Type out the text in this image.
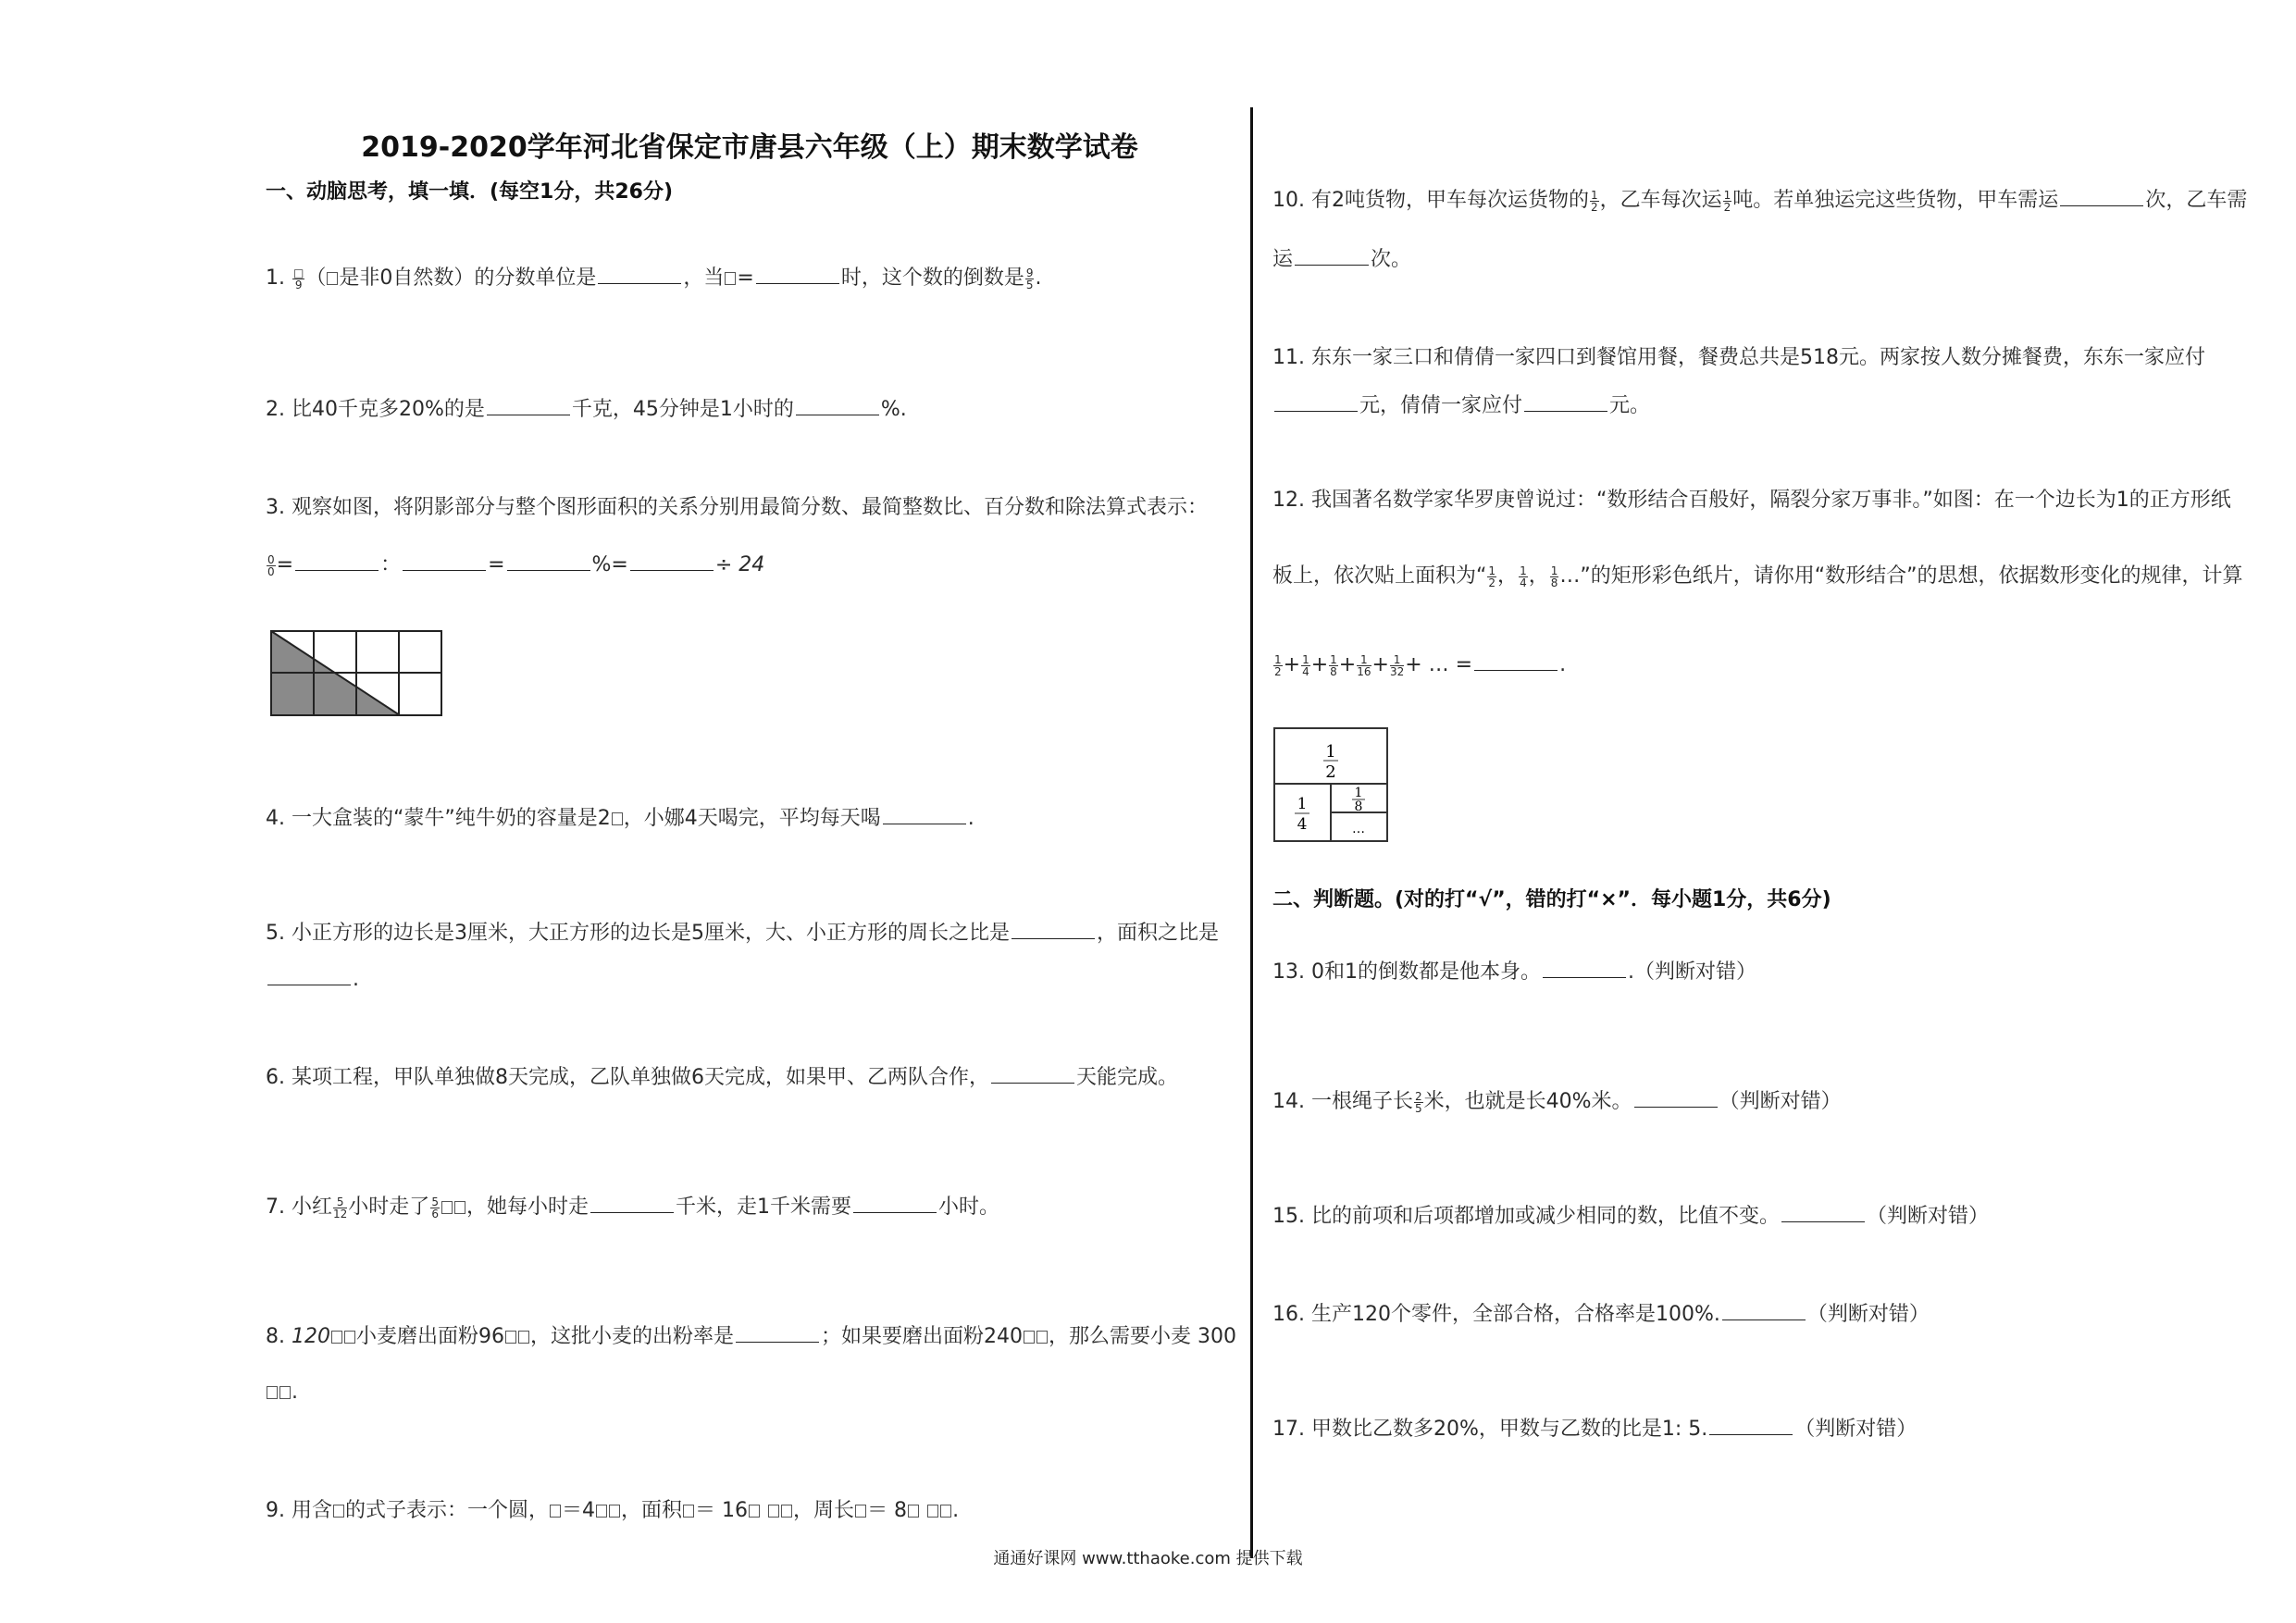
2019-2020学年河北省保定市唐县六年级（上）期末数学试卷
一、动脑思考，填一填．(每空1分，共26分)
1. $\frac{□}{9}$ （ 是非0自然数）的分数单位是	，当 =	时，这个数的倒数是 $\frac{9}{5}$ .
2. 比40千克多20%的是	千克，45分钟是1小时的	%.
3. 观察如图，将阴影部分与整个图形面积的关系分别用最简分数、最简整数比、百分数和除法算式表示：
$\frac{0}{0}$ =	：	=	%=	÷ 24
4. 一大盒装的“蒙牛”纯牛奶的容量是2 ，小娜4天喝完，平均每天喝	.
5. 小正方形的边长是3厘米，大正方形的边长是5厘米，大、小正方形的周长之比是	，面积之比是
.
6. 某项工程，甲队单独做8天完成，乙队单独做6天完成，如果甲、乙两队合作，	天能完成。
7. 小红 $\frac{5}{12}$ 小时走了 $\frac{5}{6}$ ，她每小时走	千米，走1千米需要	小时。
8. 120 小麦磨出面粉96 ，这批小麦的出粉率是	；如果要磨出面粉240 ，那么需要小麦 300
.
9. 用含 的式子表示：一个圆， ＝4 ，面积 ＝ 16 ，周长 ＝ 8 .
10. 有2吨货物，甲车每次运货物的 $\frac{1}{2}$ ，乙车每次运 $\frac{1}{2}$ 吨。若单独运完这些货物，甲车需运	次，乙车需
运	次。
11. 东东一家三口和倩倩一家四口到餐馆用餐，餐费总共是518元。两家按人数分摊餐费，东东一家应付
元，倩倩一家应付	元。
12. 我国著名数学家华罗庚曾说过：“数形结合百般好，隔裂分家万事非。”如图：在一个边长为1的正方形纸
板上，依次贴上面积为“ $\frac{1}{2}$ ， $\frac{1}{4}$ ， $\frac{1}{8}$ …”的矩形彩色纸片，请你用“数形结合”的思想，依据数形变化的规律，计算
$\frac{1}{2} + \frac{1}{4} + \frac{1}{8} + \frac{1}{16} + \frac{1}{32}$ + … =	.
1
2
1
4
1
8
…
二、判断题。(对的打“√”，错的打“×”．每小题1分，共6分)
13. 0和1的倒数都是他本身。	.（判断对错）
14. 一根绳子长 $\frac{2}{5}$ 米，也就是长40%米。	（判断对错）
15. 比的前项和后项都增加或减少相同的数，比值不变。	（判断对错）
16. 生产120个零件，全部合格，合格率是100%.	（判断对错）
17. 甲数比乙数多20%，甲数与乙数的比是1: 5.	（判断对错）
通通好课网 www.tthaoke.com 提供下载
